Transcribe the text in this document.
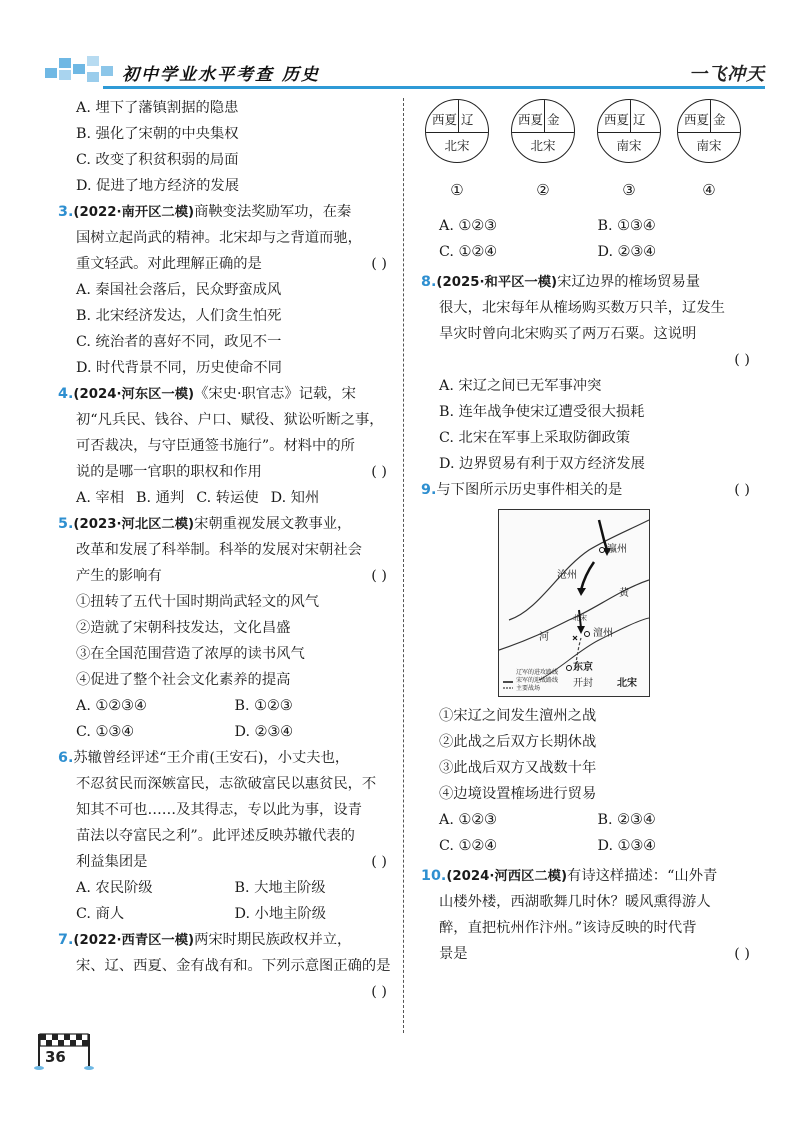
初中学业水平考查 历史	一飞冲天
A. 埋下了藩镇割据的隐患
B. 强化了宋朝的中央集权
C. 改变了积贫积弱的局面
D. 促进了地方经济的发展
3.(2022·南开区二模)商鞅变法奖励军功，在秦
国树立起尚武的精神。北宋却与之背道而驰，
重文轻武。对此理解正确的是	( )
A. 秦国社会落后，民众野蛮成风
B. 北宋经济发达，人们贪生怕死
C. 统治者的喜好不同，政见不一
D. 时代背景不同，历史使命不同
4.(2024·河东区一模)《宋史·职官志》记载，宋
初“凡兵民、钱谷、户口、赋役、狱讼听断之事，
可否裁决，与守臣通签书施行”。材料中的所
说的是哪一官职的职权和作用	( )
A. 宰相 B. 通判 C. 转运使 D. 知州
5.(2023·河北区二模)宋朝重视发展文教事业，
改革和发展了科举制。科举的发展对宋朝社会
产生的影响有	( )
①扭转了五代十国时期尚武轻文的风气
②造就了宋朝科技发达，文化昌盛
③在全国范围营造了浓厚的读书风气
④促进了整个社会文化素养的提高
A. ①②③④	B. ①②③
C. ①③④	D. ②③④
6.苏辙曾经评述“王介甫(王安石)，小丈夫也，
不忍贫民而深嫉富民，志欲破富民以惠贫民，不
知其不可也……及其得志，专以此为事，设青
苗法以夺富民之利”。此评述反映苏辙代表的
利益集团是	( )
A. 农民阶级	B. 大地主阶级
C. 商人	D. 小地主阶级
7.(2022·西青区一模)两宋时期民族政权并立，
宋、辽、西夏、金有战有和。下列示意图正确的是
( )
西夏 辽
北宋
西夏 金
北宋
西夏 辽
南宋
西夏 金
南宋
①	②	③	④
A. ①②③	B. ①③④
C. ①②④	D. ②③④
8.(2025·和平区一模)宋辽边界的榷场贸易量
很大，北宋每年从榷场购买数万只羊，辽发生
旱灾时曾向北宋购买了两万石粟。这说明
( )
A. 宋辽之间已无军事冲突
B. 连年战争使宋辽遭受很大损耗
C. 北宋在军事上采取防御政策
D. 边界贸易有利于双方经济发展
9.与下图所示历史事件相关的是	( )
瀛州
沧州
黄
北宋
澶州
河
东京
开封 北宋
辽军的进攻路线
宋军的迎战路线
主要战场
①宋辽之间发生澶州之战
②此战之后双方长期休战
③此战后双方又战数十年
④边境设置榷场进行贸易
A. ①②③	B. ②③④
C. ①②④	D. ①③④
10.(2024·河西区二模)有诗这样描述：“山外青
山楼外楼，西湖歌舞几时休？暖风熏得游人
醉，直把杭州作汴州。”该诗反映的时代背
景是	( )
36
